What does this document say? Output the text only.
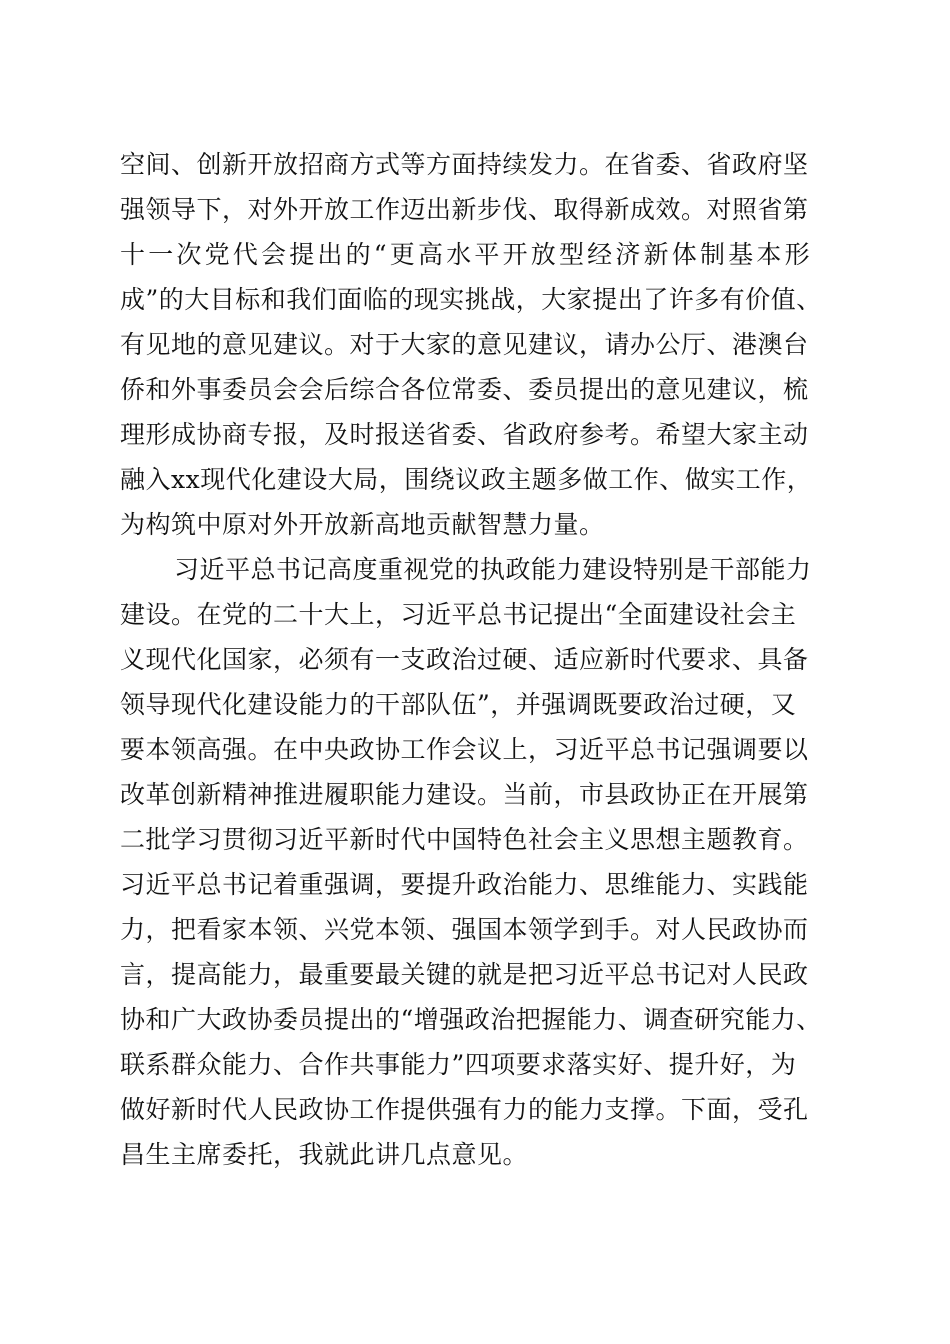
空间、创新开放招商方式等方面持续发力。在省委、省政府坚
强领导下，对外开放工作迈出新步伐、取得新成效。对照省第
十一次党代会提出的“更高水平开放型经济新体制基本形
成”的大目标和我们面临的现实挑战，大家提出了许多有价值、
有见地的意见建议。对于大家的意见建议，请办公厅、港澳台
侨和外事委员会会后综合各位常委、委员提出的意见建议，梳
理形成协商专报，及时报送省委、省政府参考。希望大家主动
融入xx现代化建设大局，围绕议政主题多做工作、做实工作，
为构筑中原对外开放新高地贡献智慧力量。
习近平总书记高度重视党的执政能力建设特别是干部能力
建设。在党的二十大上，习近平总书记提出“全面建设社会主
义现代化国家，必须有一支政治过硬、适应新时代要求、具备
领导现代化建设能力的干部队伍”，并强调既要政治过硬，又
要本领高强。在中央政协工作会议上，习近平总书记强调要以
改革创新精神推进履职能力建设。当前，市县政协正在开展第
二批学习贯彻习近平新时代中国特色社会主义思想主题教育。
习近平总书记着重强调，要提升政治能力、思维能力、实践能
力，把看家本领、兴党本领、强国本领学到手。对人民政协而
言，提高能力，最重要最关键的就是把习近平总书记对人民政
协和广大政协委员提出的“增强政治把握能力、调查研究能力、
联系群众能力、合作共事能力”四项要求落实好、提升好，为
做好新时代人民政协工作提供强有力的能力支撑。下面，受孔
昌生主席委托，我就此讲几点意见。
